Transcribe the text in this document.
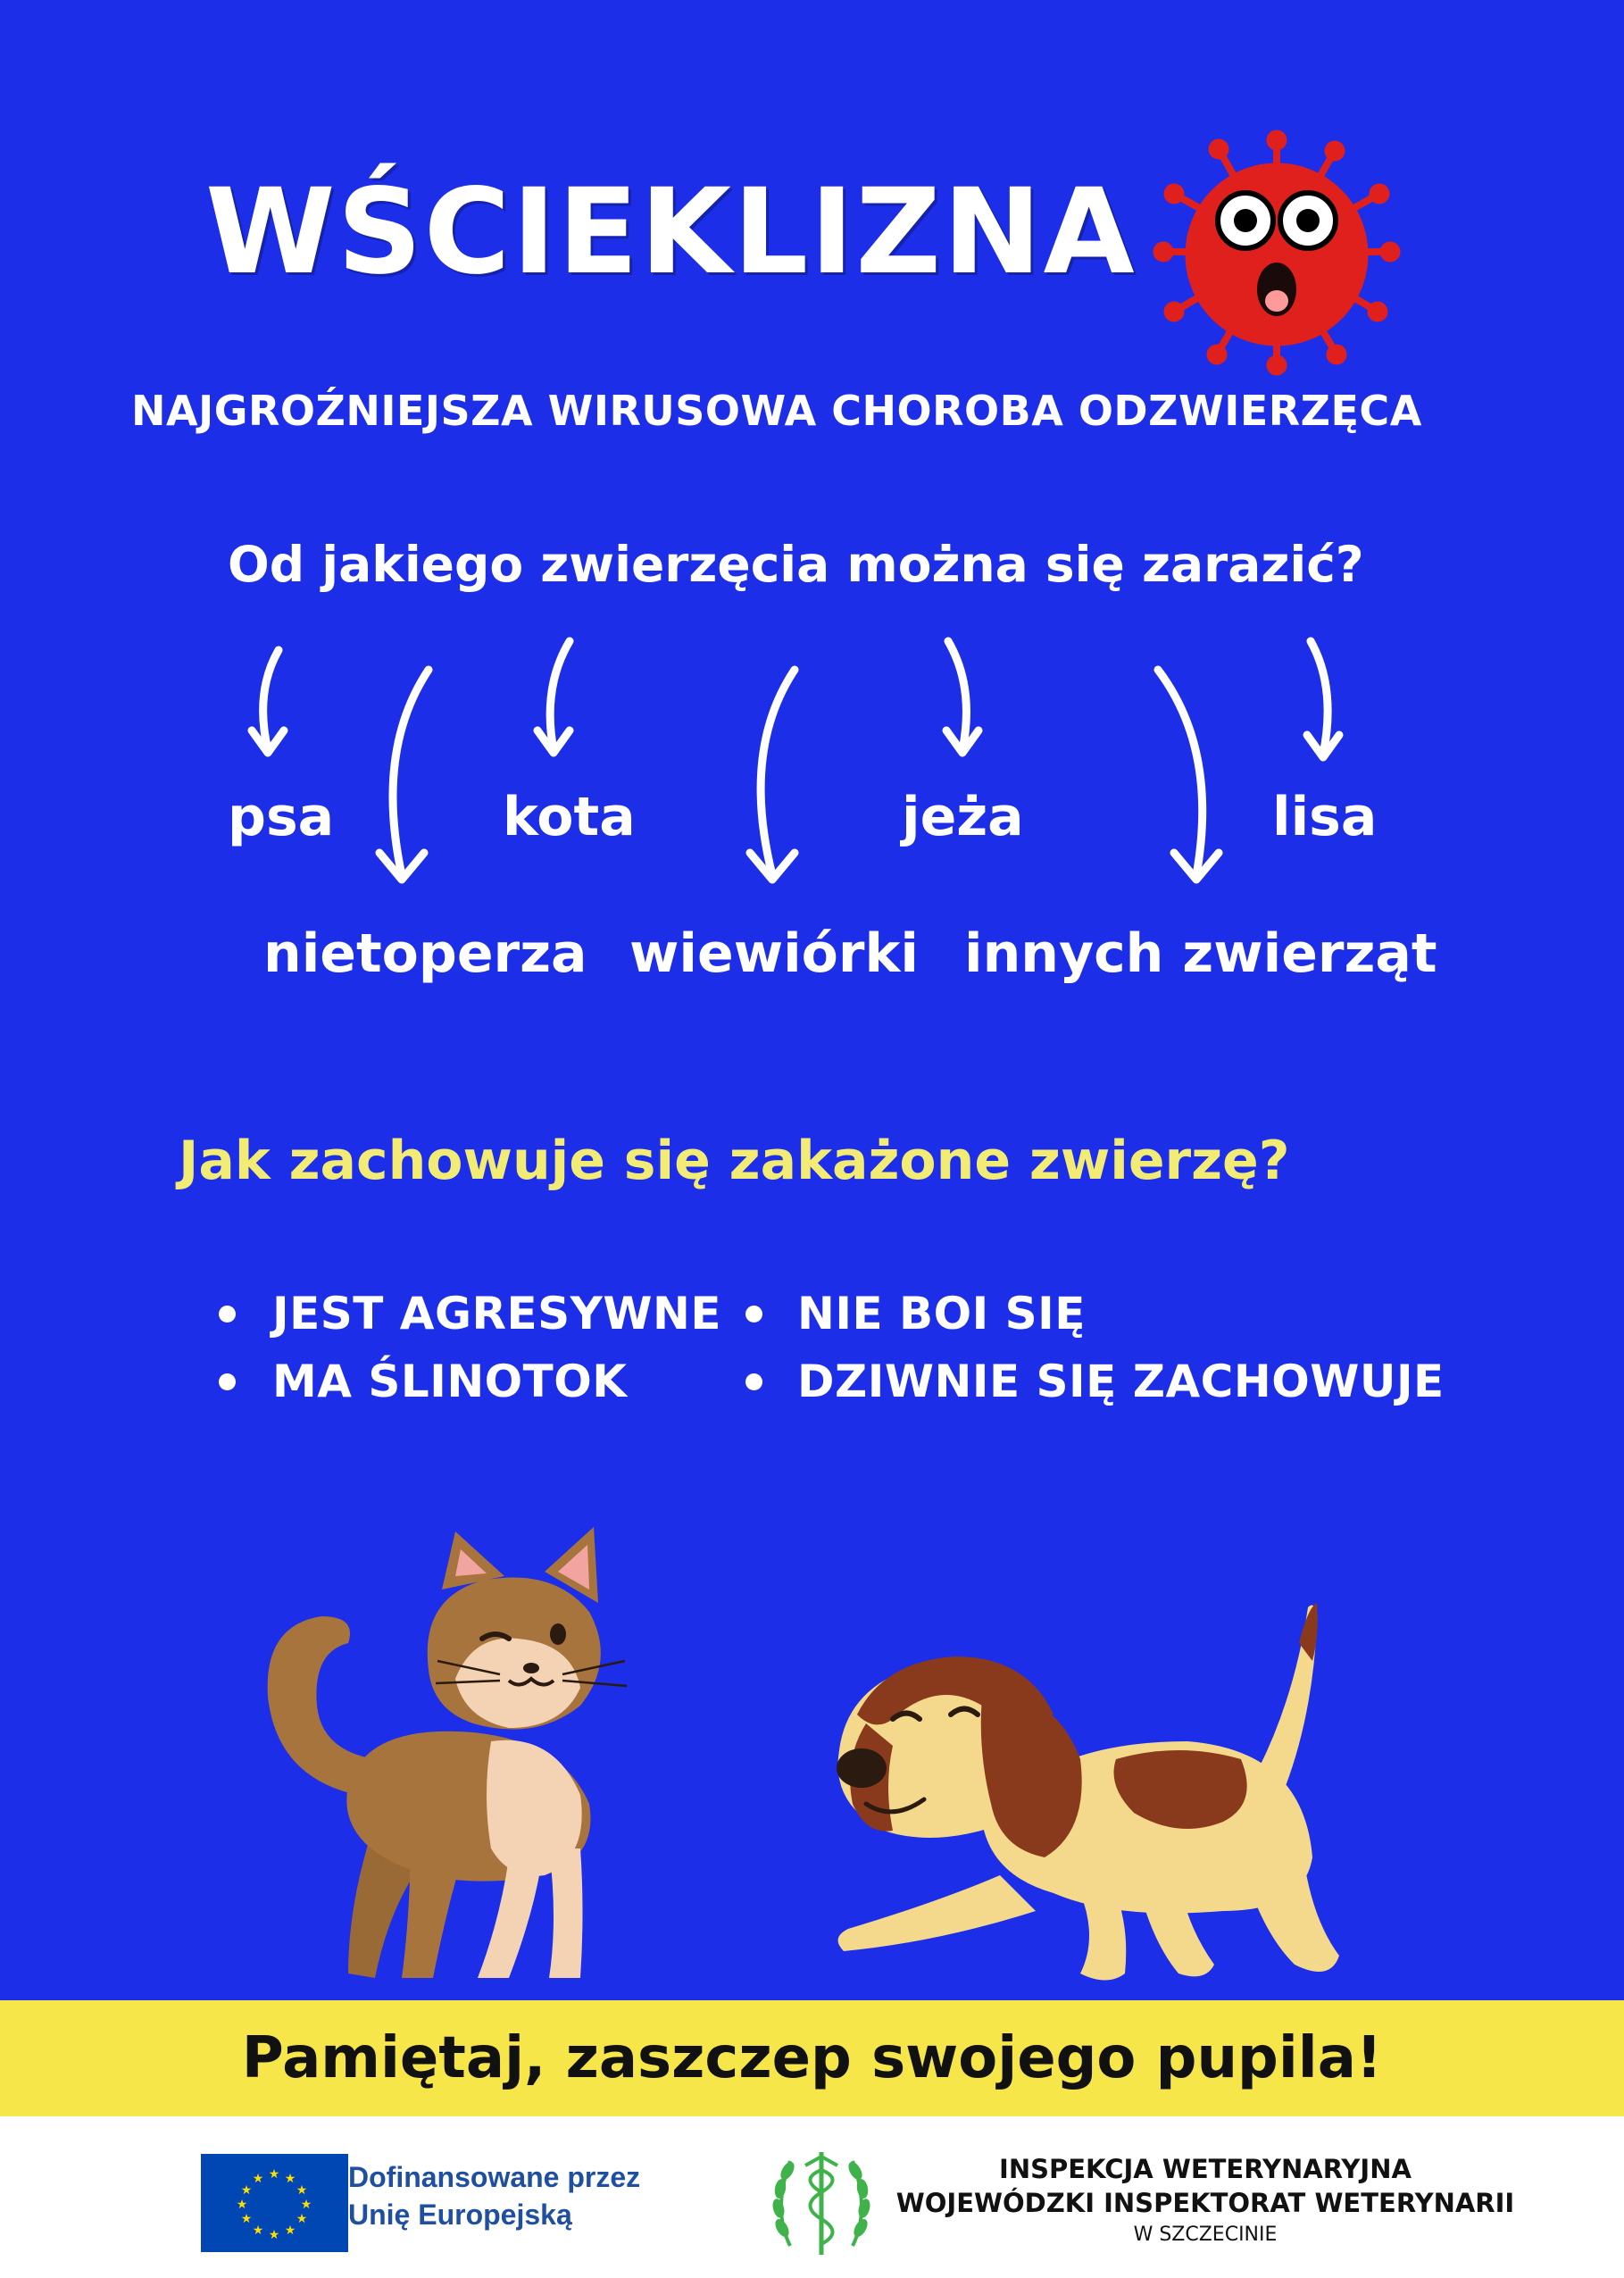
WŚCIEKLIZNA
NAJGROŹNIEJSZA WIRUSOWA CHOROBA ODZWIERZĘCA
Od jakiego zwierzęcia można się zarazić?
psa	kota	jeża	lisa
nietoperza wiewiórki innych zwierząt
Jak zachowuje się zakażone zwierzę?
JEST AGRESYWNE
MA ŚLINOTOK
NIE BOI SIĘ
DZIWNIE SIĘ ZACHOWUJE
Pamiętaj, zaszczep swojego pupila!
★ ★
★
★
★
★
★
★
★
★
★
★	Dofinansowane przez
Unię Europejską
INSPEKCJA WETERYNARYJNA
WOJEWÓDZKI INSPEKTORAT WETERYNARII
W SZCZECINIE
